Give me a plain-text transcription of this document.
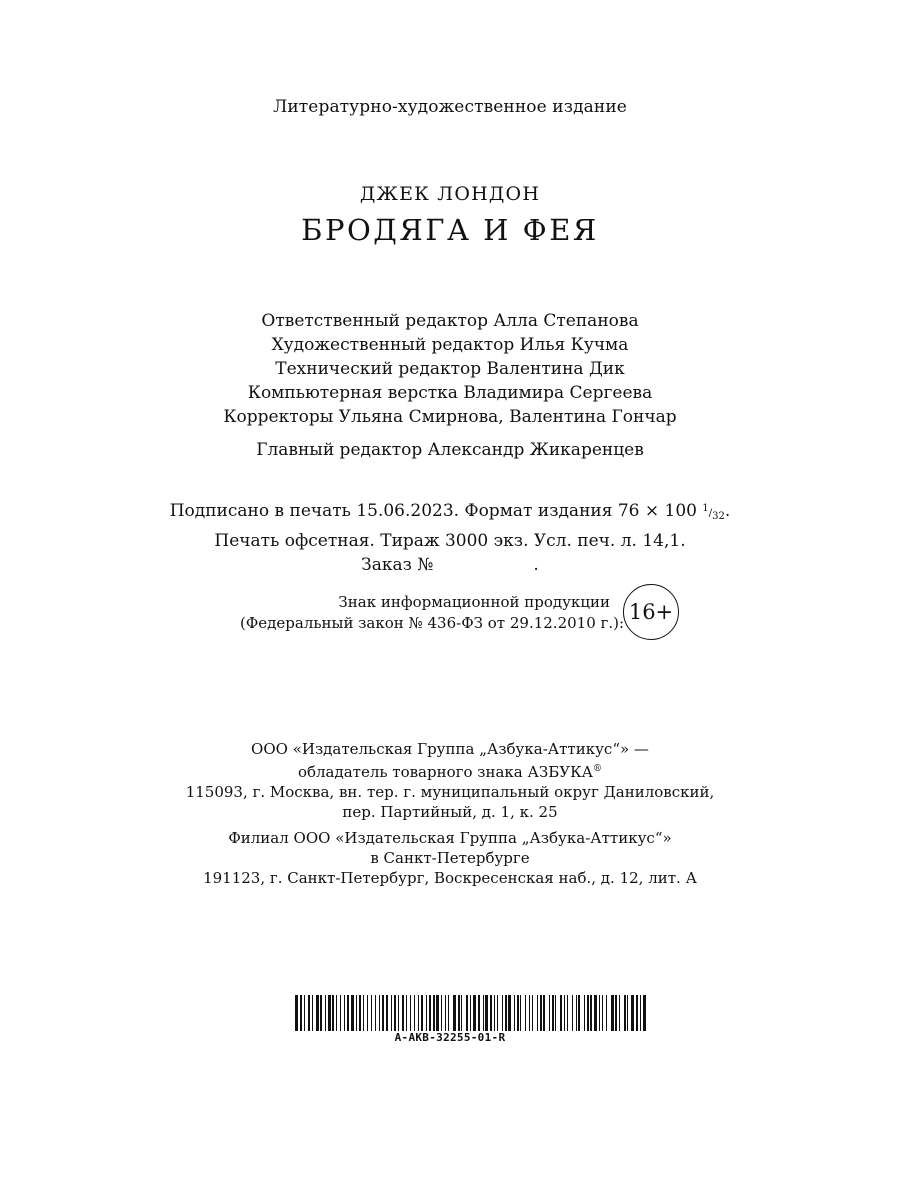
Литературно-художественное издание
ДЖЕК ЛОНДОН
БРОДЯГА И ФЕЯ
Ответственный редактор Алла Степанова
Художественный редактор Илья Кучма
Технический редактор Валентина Дик
Компьютерная верстка Владимира Сергеева
Корректоры Ульяна Смирнова, Валентина Гончар
Главный редактор Александр Жикаренцев
Подписано в печать 15.06.2023. Формат издания 76 × 100 $^1/_{32}$.
Печать офсетная. Тираж 3000 экз. Усл. печ. л. 14,1.
Заказ №	.
Знак информационной продукции
(Федеральный закон № 436-ФЗ от 29.12.2010 г.): 16+
ООО «Издательская Группа „Азбука-Аттикус“» —
обладатель товарного знака АЗБУКА®
115093, г. Москва, вн. тер. г. муниципальный округ Даниловский,
пер. Партийный, д. 1, к. 25
Филиал ООО «Издательская Группа „Азбука-Аттикус“»
в Санкт-Петербурге
191123, г. Санкт-Петербург, Воскресенская наб., д. 12, лит. А
A-AKB-32255-01-R
